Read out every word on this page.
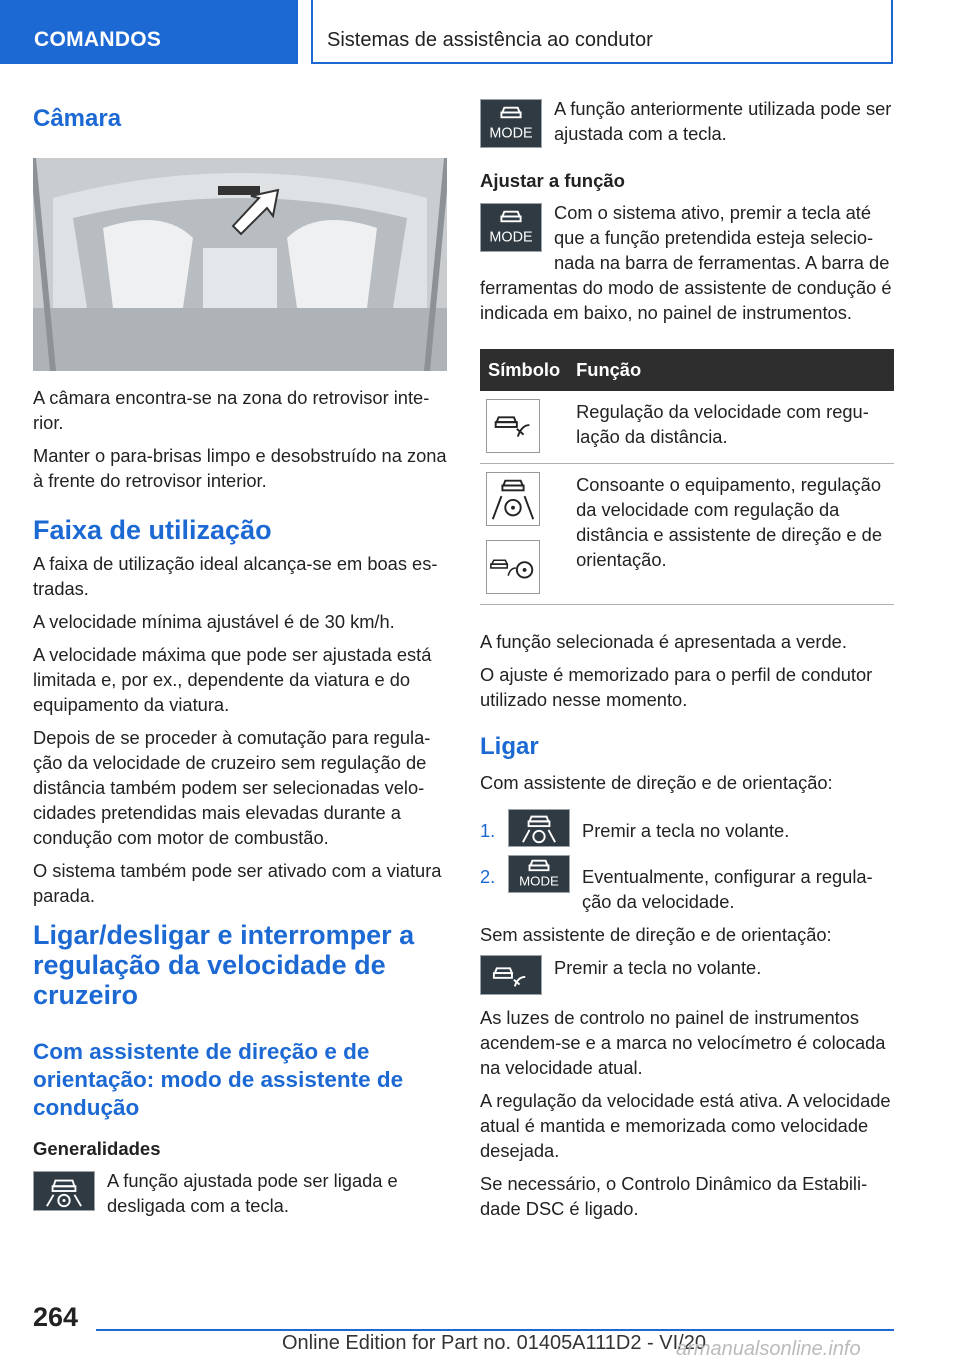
COMANDOS	Sistemas de assistência ao condutor
Câmara

A câmara encontra-se na zona do retrovisor interior.

Manter o para-brisas limpo e desobstruído na zona à frente do retrovisor interior.

Faixa de utilização

A faixa de utilização ideal alcança-se em boas estradas.

A velocidade mínima ajustável é de 30 km/h.

A velocidade máxima que pode ser ajustada está limitada e, por ex., dependente da viatura e do equipamento da viatura.

Depois de se proceder à comutação para regulação da velocidade de cruzeiro sem regulação de distância também podem ser selecionadas velocidades pretendidas mais elevadas durante a condução com motor de combustão.

O sistema também pode ser ativado com a viatura parada.

Ligar/desligar e interromper a regulação da velocidade de cruzeiro
Com assistente de direção e de orientação: modo de assistente de condução
Generalidades

A função ajustada pode ser ligada e desligada com a tecla.

MODE

A função anteriormente utilizada pode ser ajustada com a tecla.

Ajustar a função
MODE

Com o sistema ativo, premir a tecla até que a função pretendida esteja selecionada na barra de ferramentas. A barra de ferramentas do modo de assistente de condução é indicada em baixo, no painel de instrumentos.

Símbolo	Função

	Regulação da velocidade com regulação da distância.

	Consoante o equipamento, regulação da velocidade com regulação da distância e assistente de direção e de orientação.

A função selecionada é apresentada a verde.

O ajuste é memorizado para o perfil de condutor utilizado nesse momento.

Ligar

Com assistente de direção e de orientação:

1.	Premir a tecla no volante.
2.	MODE Eventualmente, configurar a regulação da velocidade.

Sem assistente de direção e de orientação:

Premir a tecla no volante.

As luzes de controlo no painel de instrumentos acendem-se e a marca no velocímetro é colocada na velocidade atual.

A regulação da velocidade está ativa. A velocidade atual é mantida e memorizada como velocidade desejada.

Se necessário, o Controlo Dinâmico da Estabilidade DSC é ligado.

264
Online Edition for Part no. 01405A111D2 - VI/20
armanualsonline.info
